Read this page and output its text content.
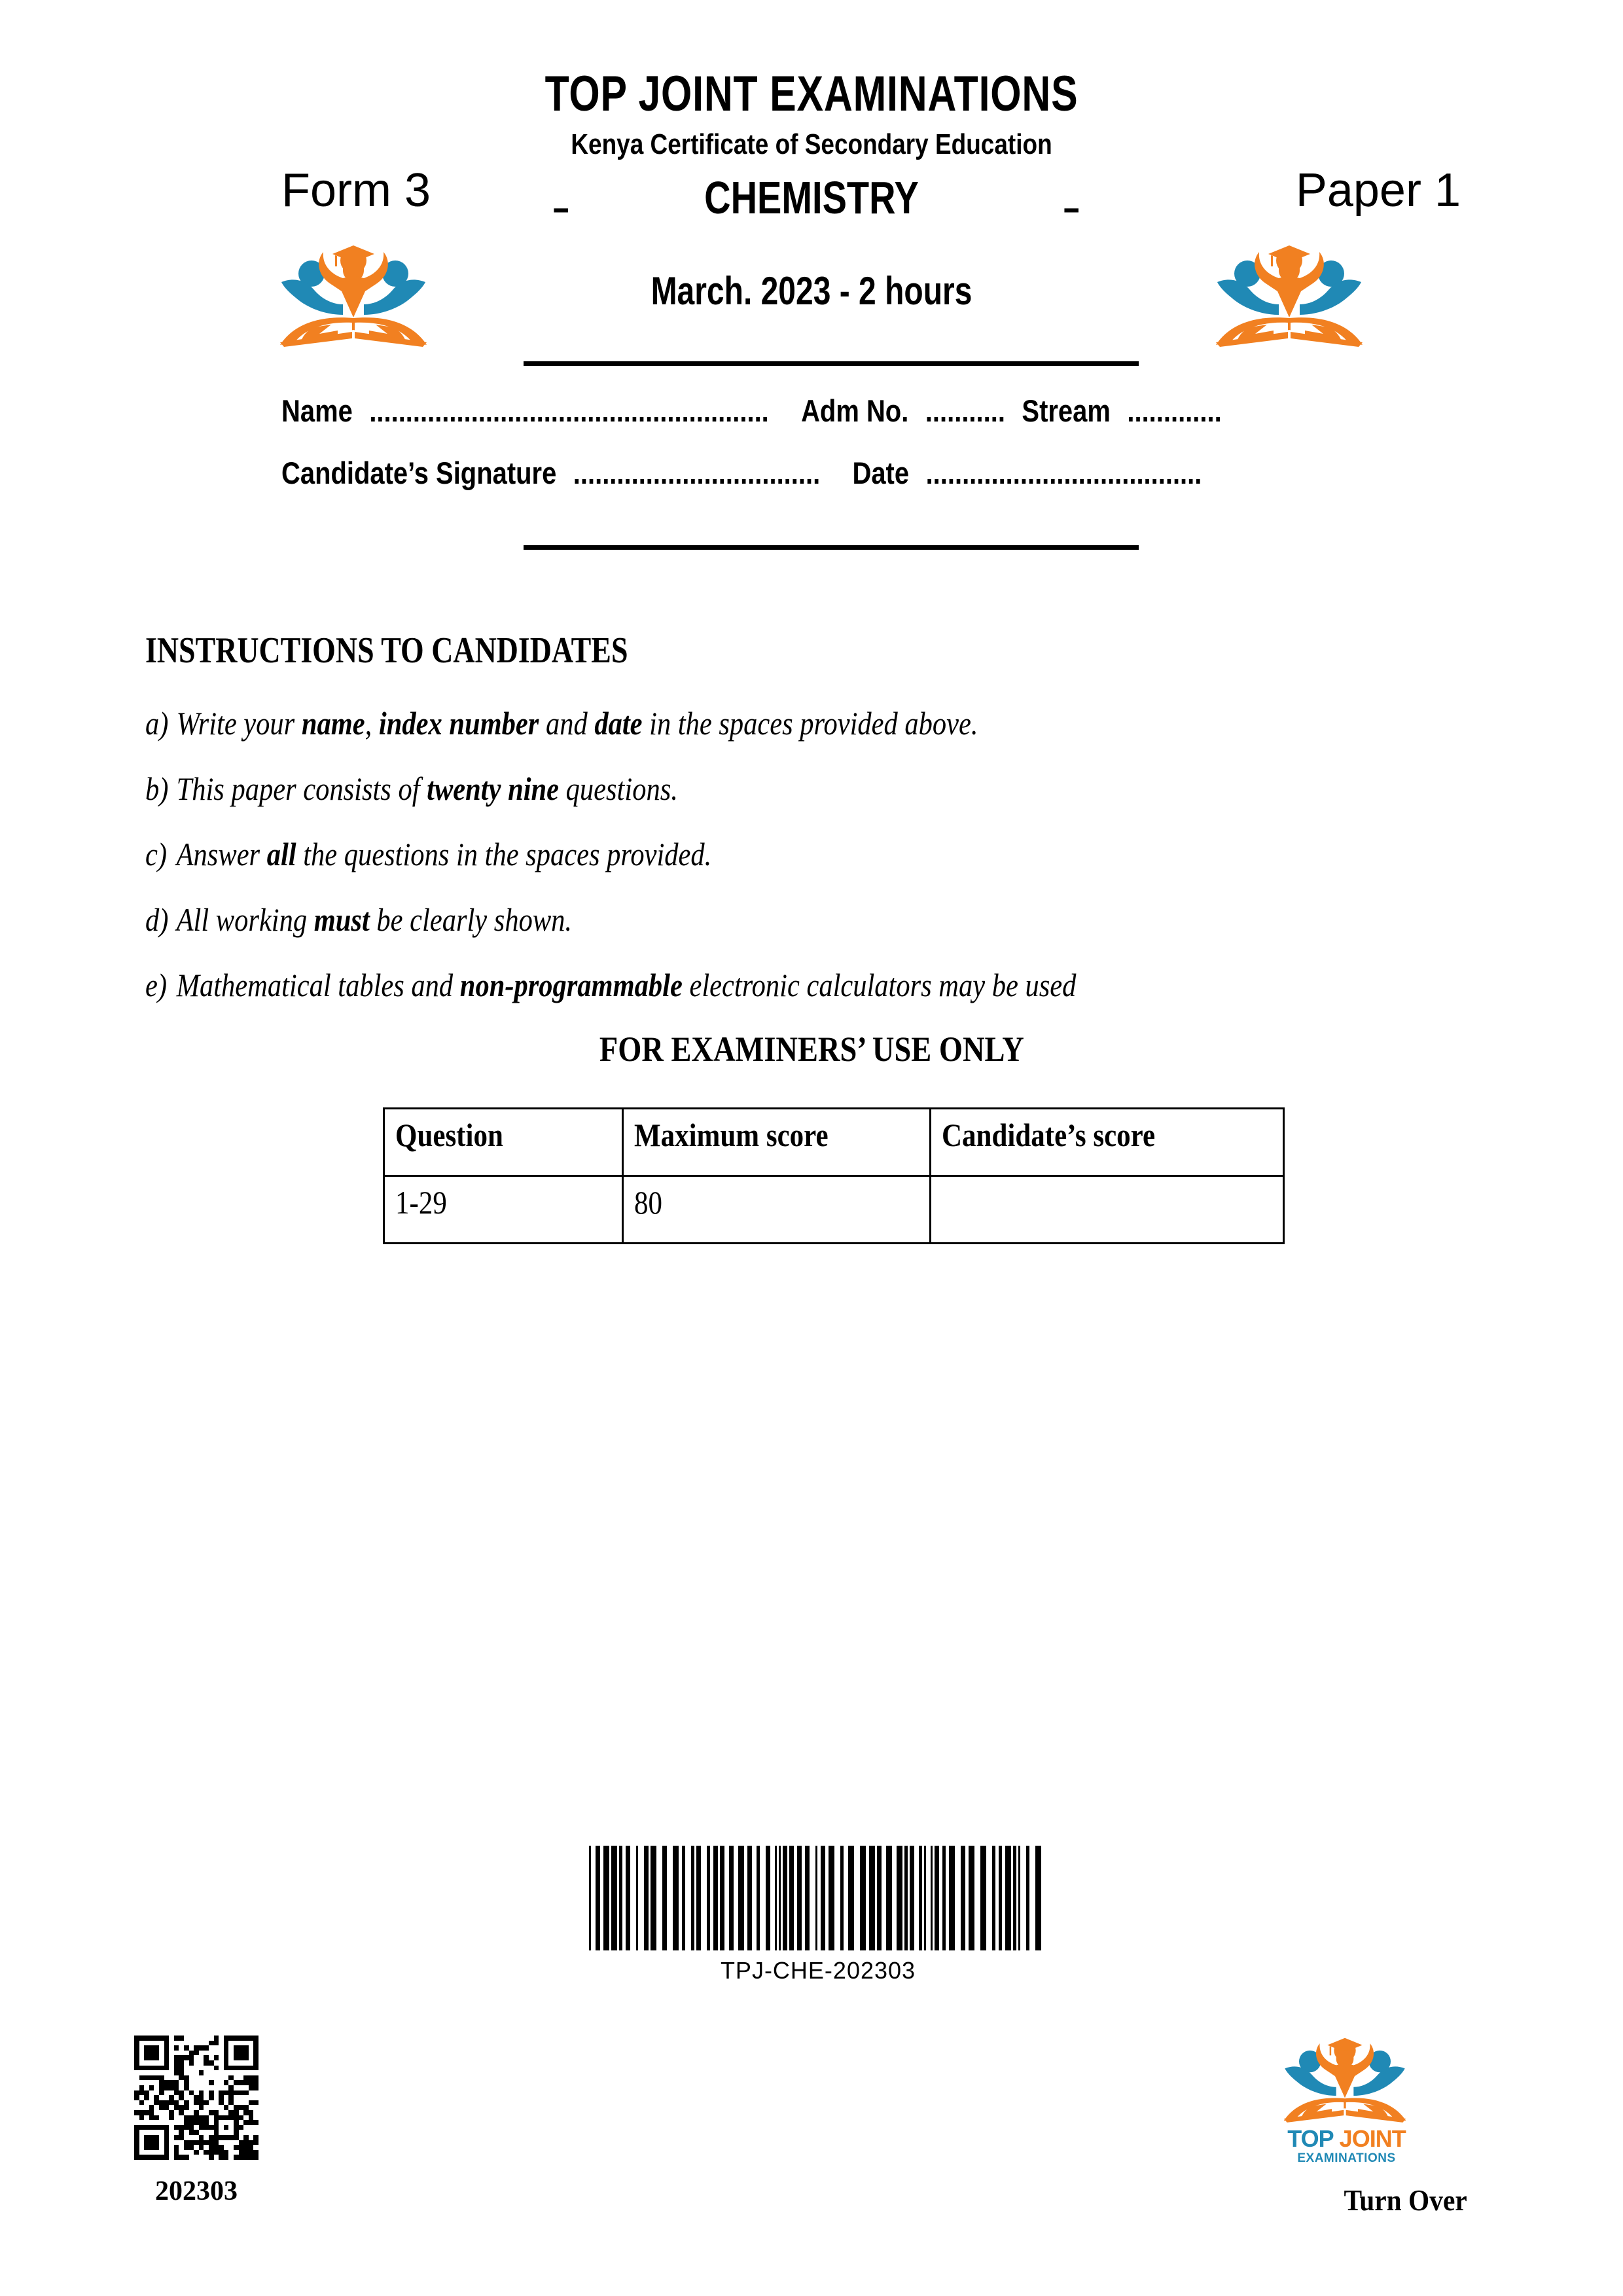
TOP JOINT EXAMINATIONS
Kenya Certificate of Secondary Education
Form 3	–	CHEMISTRY	–	Paper 1
March. 2023 - 2 hours
Name ....................................................... Adm No. ........... Stream .............
Candidate’s Signature .................................. Date ......................................
INSTRUCTIONS TO CANDIDATES
a) Write your name, index number and date in the spaces provided above.
b) This paper consists of twenty nine questions.
c) Answer all the questions in the spaces provided.
d) All working must be clearly shown.
e) Mathematical tables and non-programmable electronic calculators may be used
FOR EXAMINERS’ USE ONLY
Question	Maximum score	Candidate’s score
1-29	80	
TPJ-CHE-202303
202303
TOP JOINT
EXAMINATIONS
Turn Over
